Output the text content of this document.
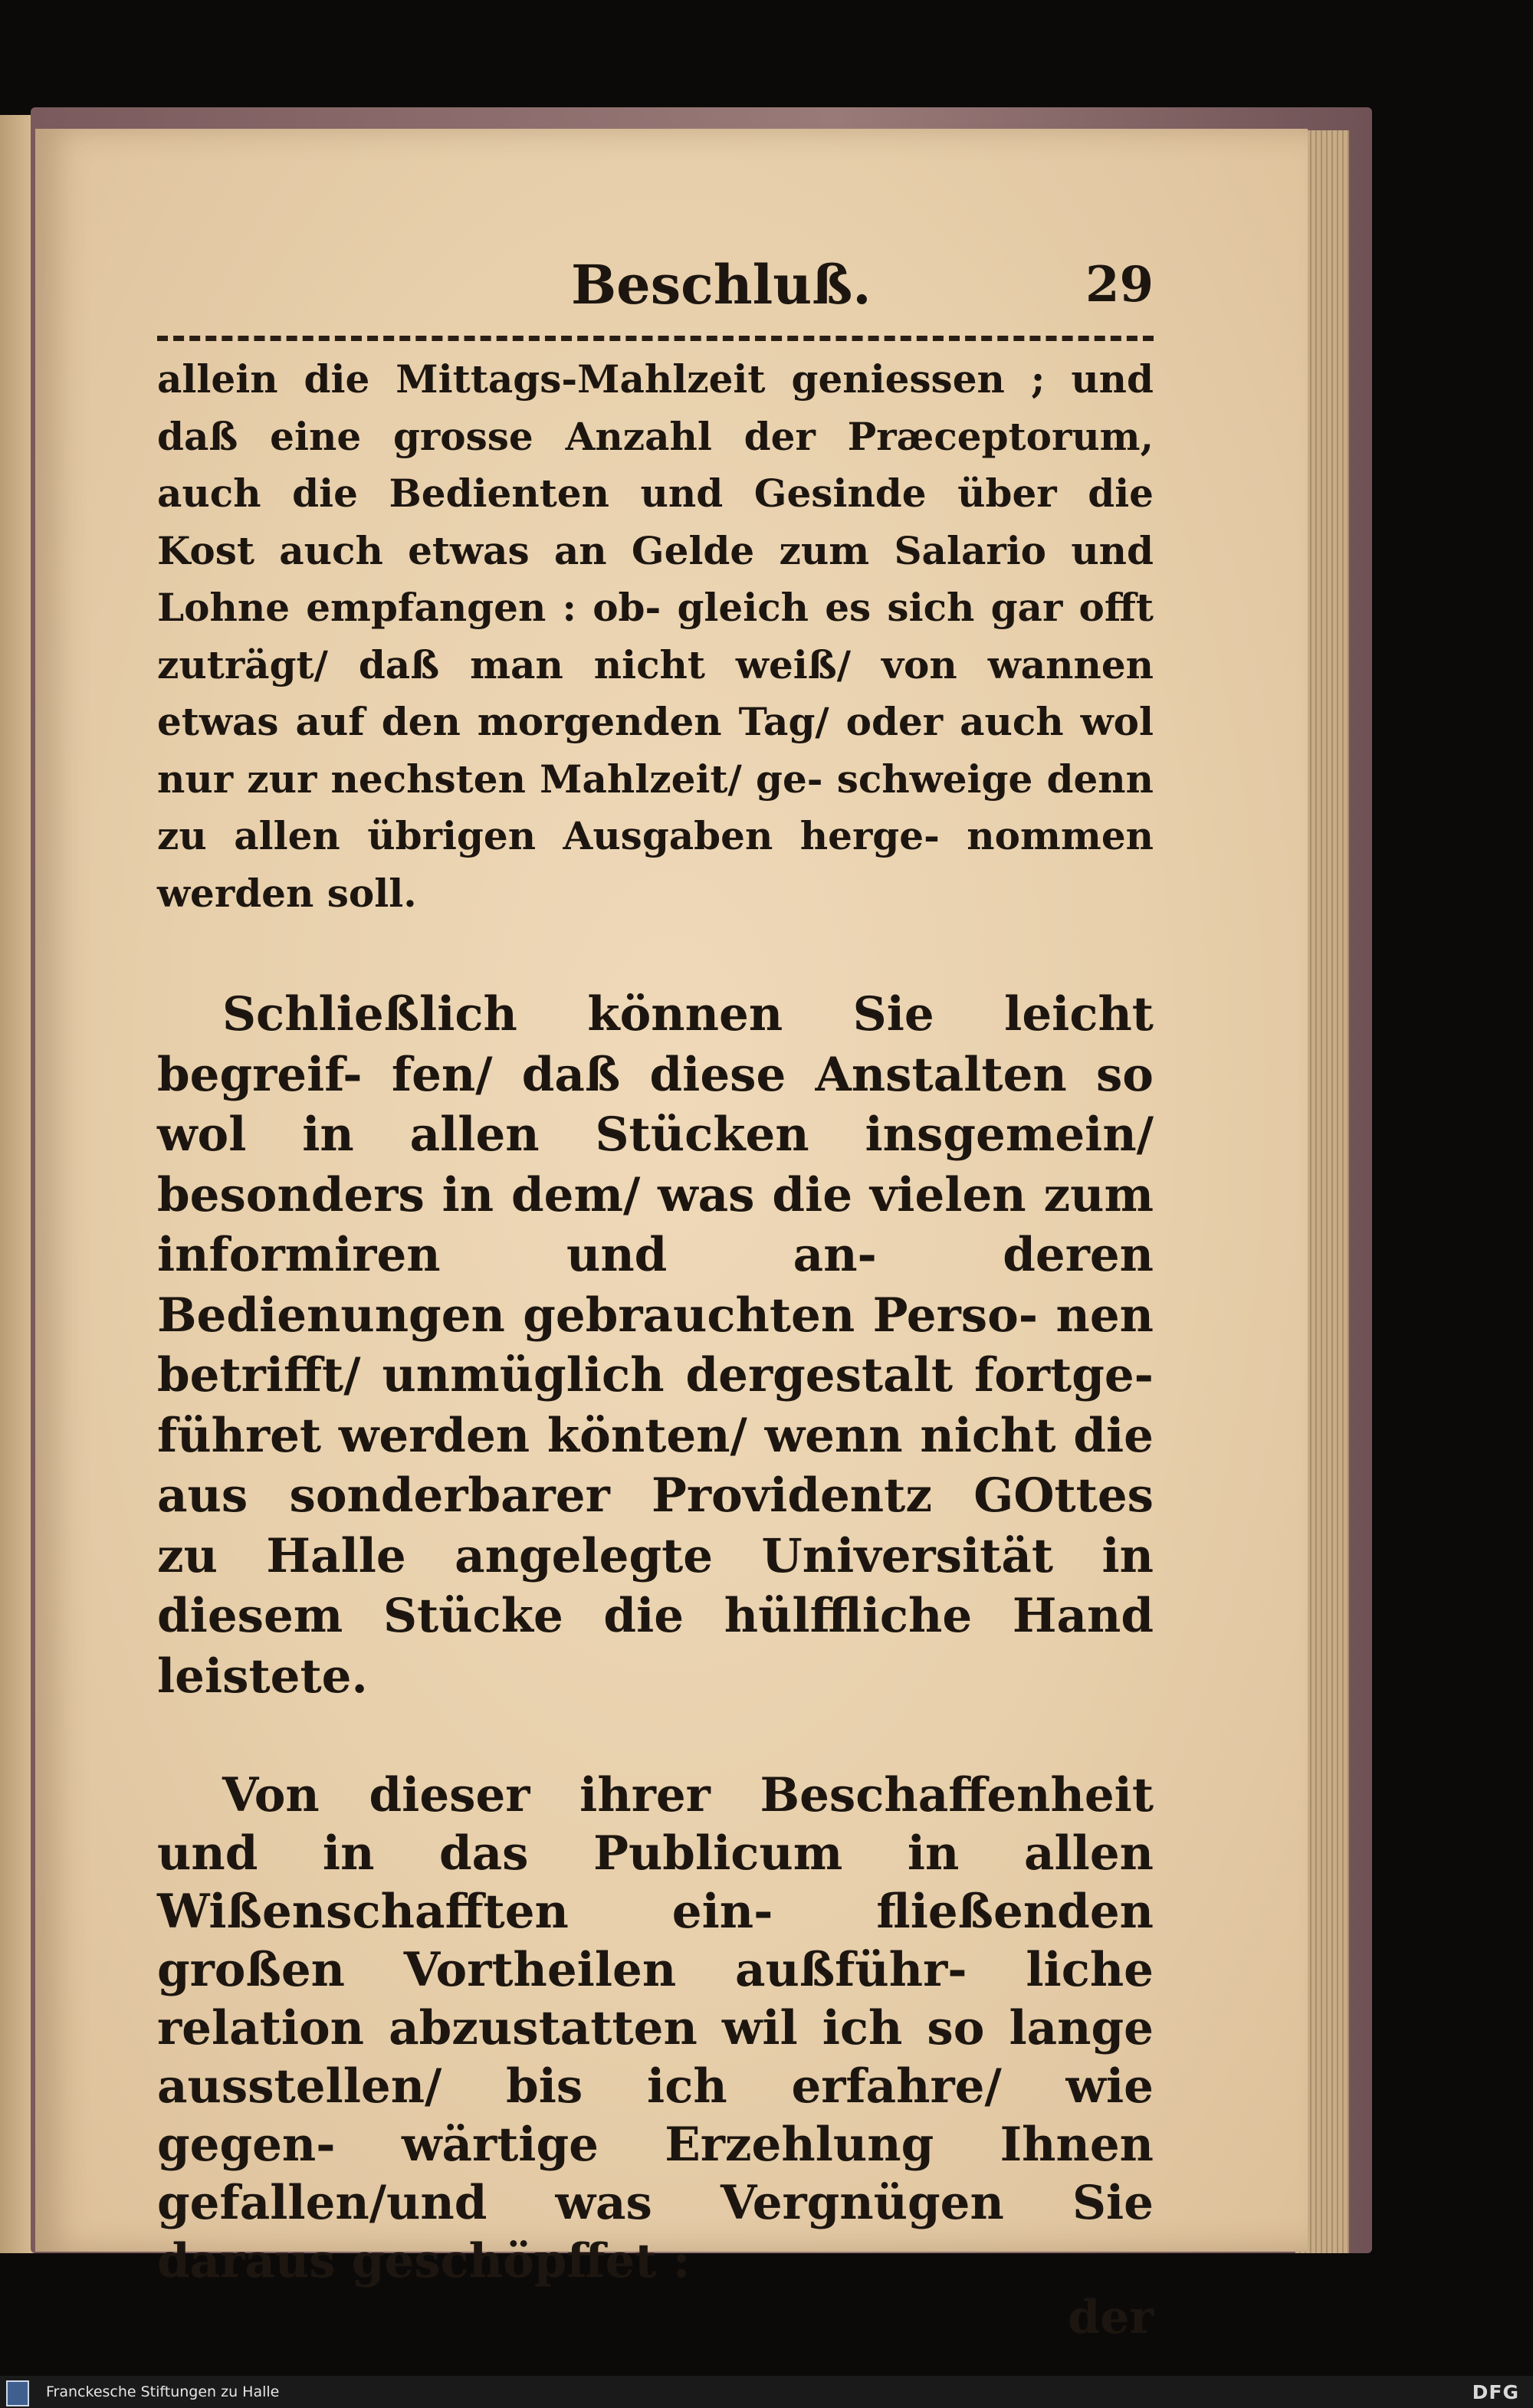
Beschluß.	29

allein die Mittags-Mahlzeit geniessen ; und daß eine grosse Anzahl der Præceptorum, auch die Bedienten und Gesinde über die Kost auch etwas an Gelde zum Salario und Lohne empfangen : ob- gleich es sich gar offt zuträgt/ daß man nicht weiß/ von wannen etwas auf den morgenden Tag/ oder auch wol nur zur nechsten Mahlzeit/ ge- schweige denn zu allen übrigen Ausgaben herge- nommen werden soll.

Schließlich können Sie leicht begreif- fen/ daß diese Anstalten so wol in allen Stücken insgemein/ besonders in dem/ was die vielen zum informiren und an- deren Bedienungen gebrauchten Perso- nen betrifft/ unmüglich dergestalt fortge- führet werden könten/ wenn nicht die aus sonderbarer Providentz GOttes zu Halle angelegte Universität in diesem Stücke die hülffliche Hand leistete.

Von dieser ihrer Beschaffenheit und in das Publicum in allen Wißenschafften ein- fließenden großen Vortheilen außführ- liche relation abzustatten wil ich so lange ausstellen/ bis ich erfahre/ wie gegen- wärtige Erzehlung Ihnen gefallen/und was Vergnügen Sie daraus geschöpffet :

der
Franckesche Stiftungen zu Halle	DFG
